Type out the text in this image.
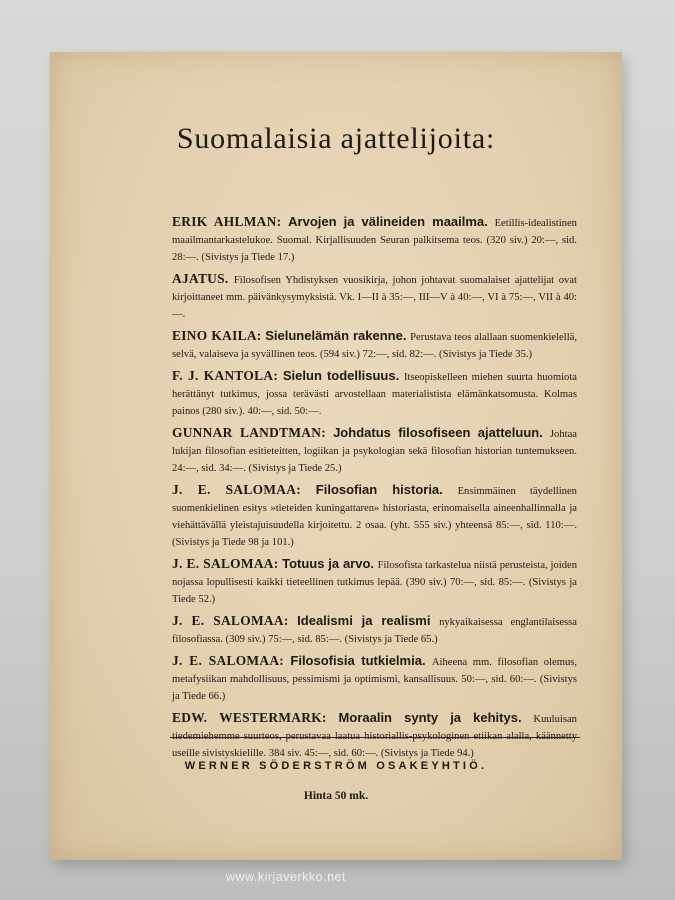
Suomalaisia ajattelijoita:
ERIK AHLMAN: Arvojen ja välineiden maailma. Eetillis-idealistinen maailmantarkastelukoe. Suomal. Kirjallisuuden Seuran palkitsema teos. (320 siv.) 20:—, sid. 28:—. (Sivistys ja Tiede 17.)
AJATUS. Filosofisen Yhdistyksen vuosikirja, johon johtavat suomalaiset ajattelijat ovat kirjoittaneet mm. päivänkysymyksistä. Vk. I—II à 35:—, III—V à 40:—, VI à 75:—, VII à 40:—.
EINO KAILA: Sielunelämän rakenne. Perustava teos alallaan suomenkielellä, selvä, valaiseva ja syvällinen teos. (594 siv.) 72:—, sid. 82:—. (Sivistys ja Tiede 35.)
F. J. KANTOLA: Sielun todellisuus. Itseopiskelleen miehen suurta huomiota herättänyt tutkimus, jossa terävästi arvostellaan materialistista elämänkatsomusta. Kolmas painos (280 siv.). 40:—, sid. 50:—.
GUNNAR LANDTMAN: Johdatus filosofiseen ajatteluun. Johtaa lukijan filosofian esitieteitten, logiikan ja psykologian sekä filosofian historian tuntemukseen. 24:—, sid. 34:—. (Sivistys ja Tiede 25.)
J. E. SALOMAA: Filosofian historia. Ensimmäinen täydellinen suomenkielinen esitys »tieteiden kuningattaren» historiasta, erinomaisella aineenhallinnalla ja viehättävällä yleistajuisuudella kirjoitettu. 2 osaa. (yht. 555 siv.) yhteensä 85:—, sid. 110:—. (Sivistys ja Tiede 98 ja 101.)
J. E. SALOMAA: Totuus ja arvo. Filosofista tarkastelua niistä perusteista, joiden nojassa lopullisesti kaikki tieteellinen tutkimus lepää. (390 siv.) 70:—, sid. 85:—. (Sivistys ja Tiede 52.)
J. E. SALOMAA: Idealismi ja realismi nykyaikaisessa englantilaisessa filosofiassa. (309 siv.) 75:—, sid. 85:—. (Sivistys ja Tiede 65.)
J. E. SALOMAA: Filosofisia tutkielmia. Aiheena mm. filosofian olemus, metafysiikan mahdollisuus, pessimismi ja optimismi, kansallisuus. 50:—, sid. 60:—. (Sivistys ja Tiede 66.)
EDW. WESTERMARK: Moraalin synty ja kehitys. Kuuluisan tiedemiehemme suurteos, perustavaa laatua historiallis-psykologinen etiikan alalla, käännetty useille sivistyskielille. 384 siv. 45:—, sid. 60:—. (Sivistys ja Tiede 94.)
WERNER SÖDERSTRÖM OSAKEYHTIÖ.
Hinta 50 mk.
www.kirjaverkko.net
